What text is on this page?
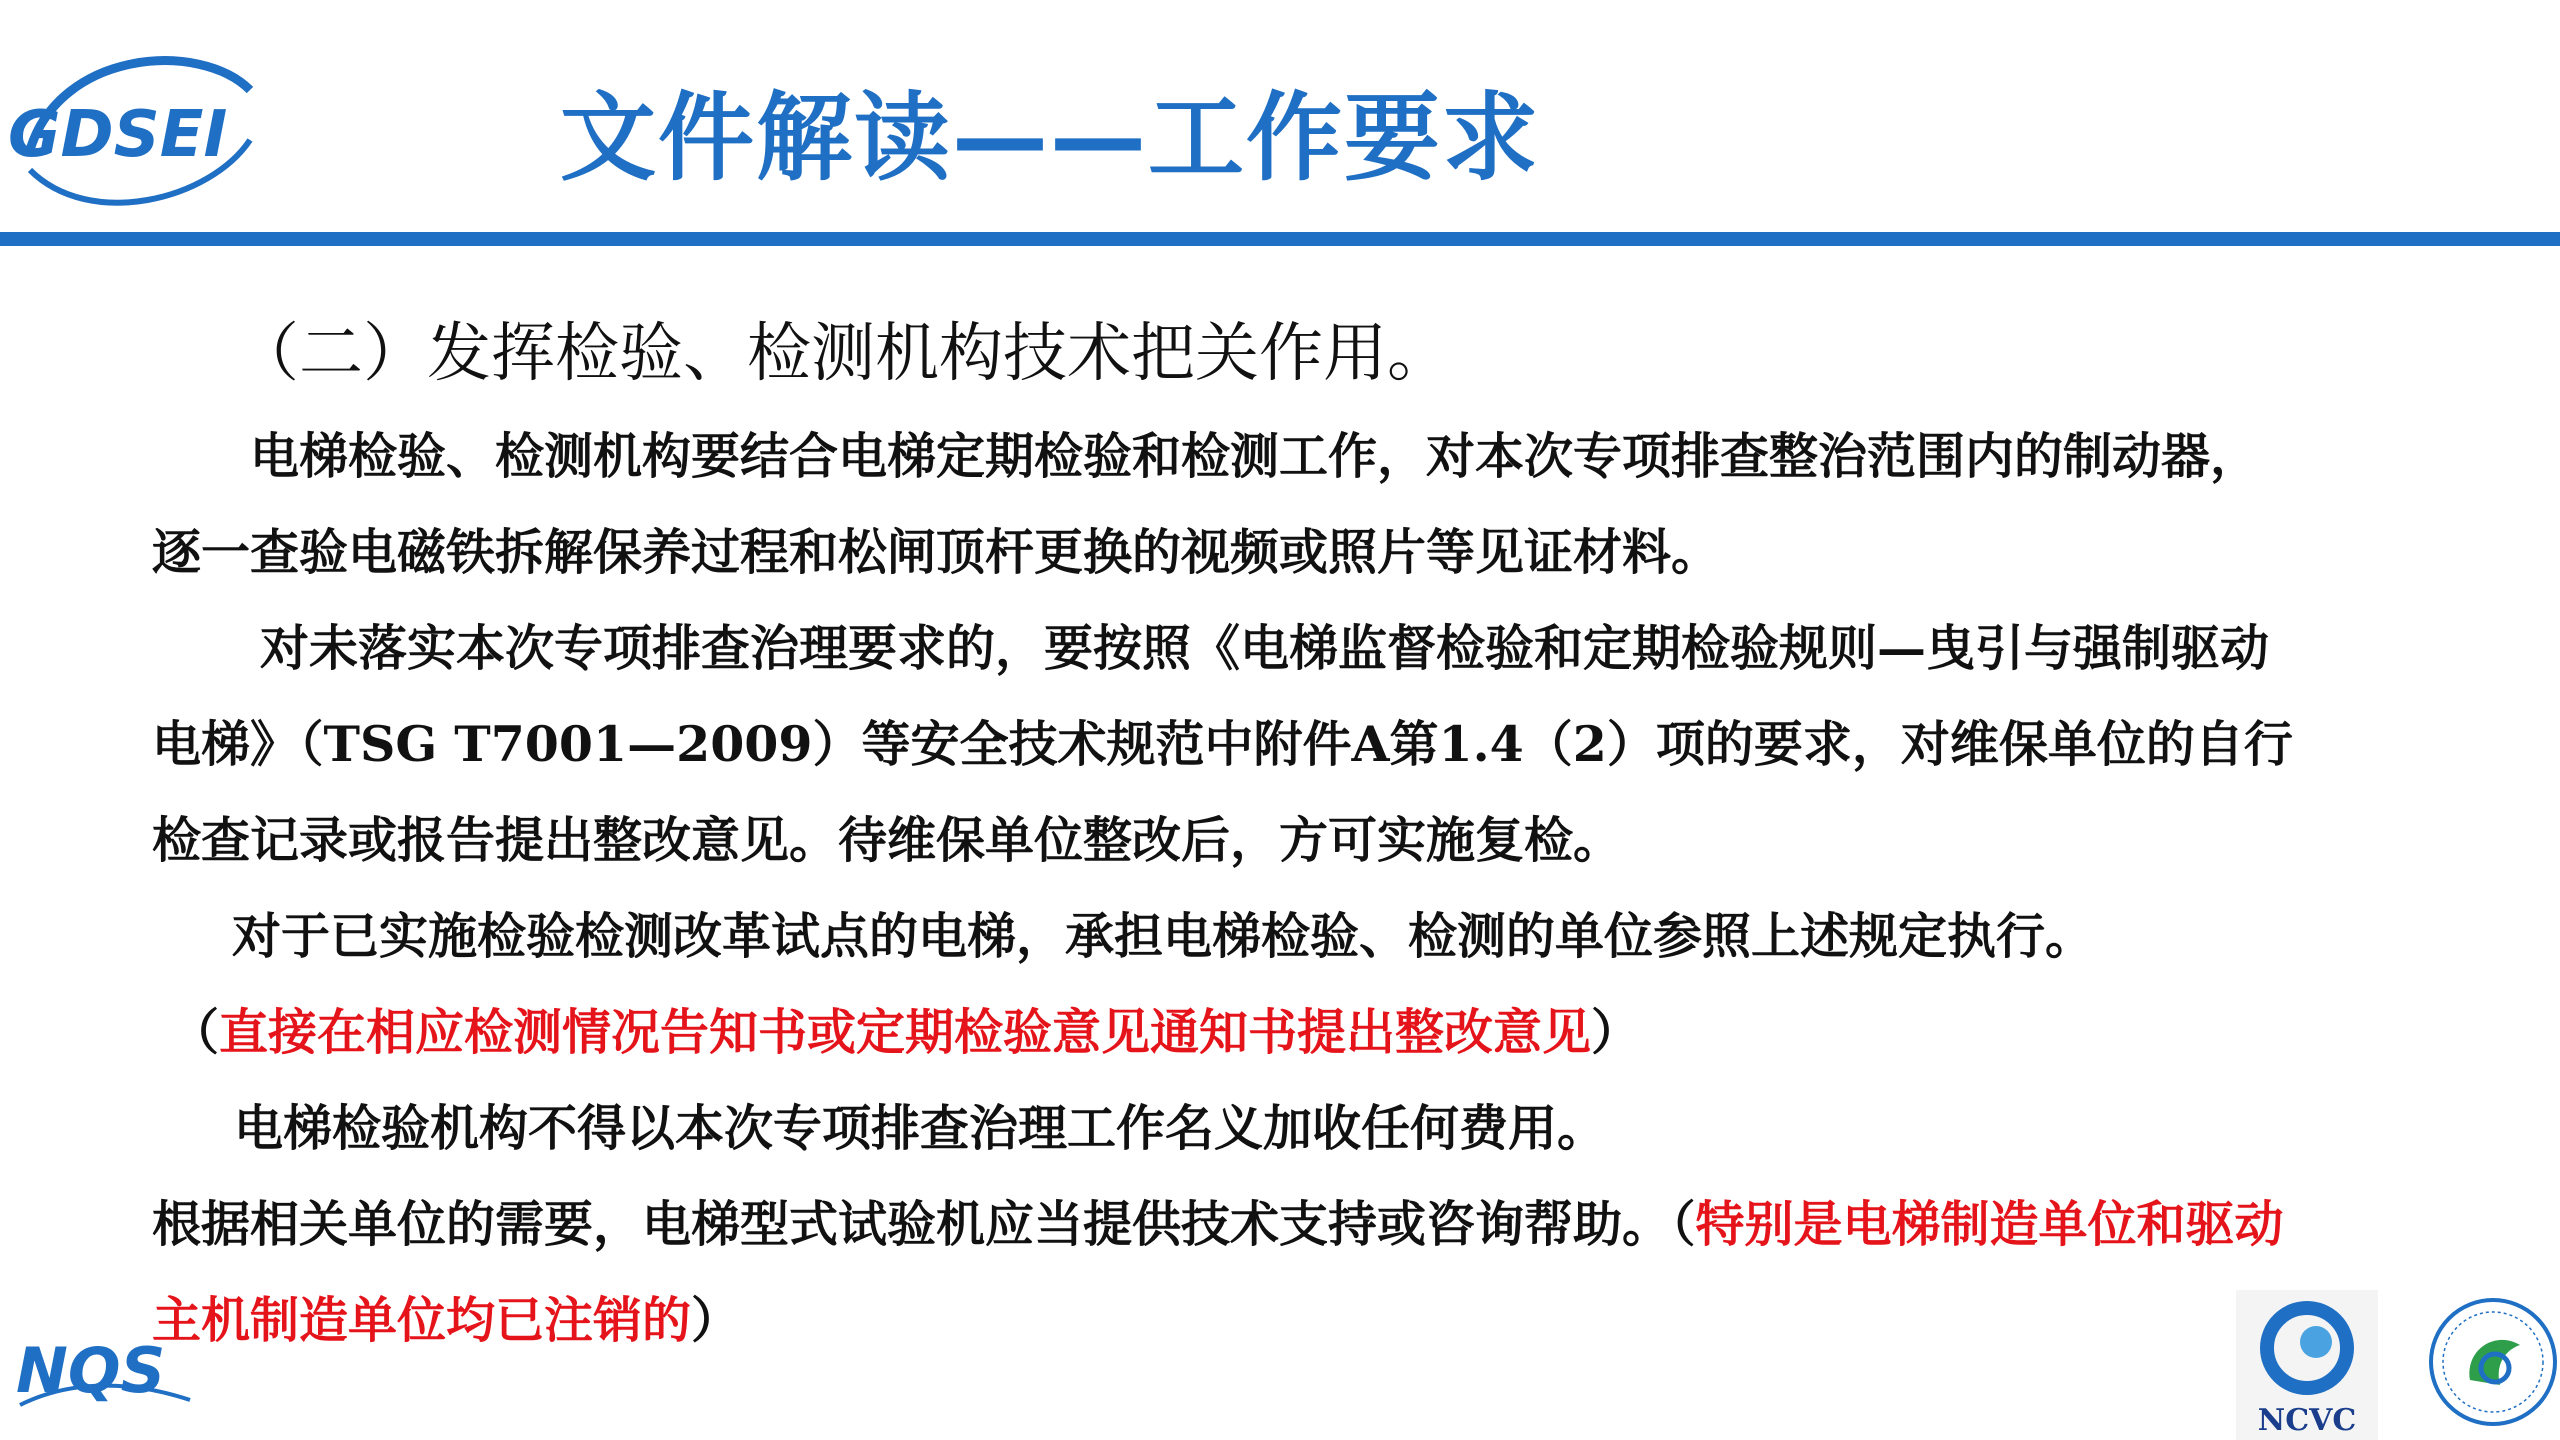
GDSEI	文件解读——工作要求
（二）发挥检验、检测机构技术把关作用。
电梯检验、检测机构要结合电梯定期检验和检测工作，对本次专项排查整治范围内的制动器，逐一查验电磁铁拆解保养过程和松闸顶杆更换的视频或照片等见证材料。
对未落实本次专项排查治理要求的，要按照《电梯监督检验和定期检验规则—曳引与强制驱动电梯》（TSG T7001—2009）等安全技术规范中附件A第1.4（2）项的要求，对维保单位的自行检查记录或报告提出整改意见。待维保单位整改后，方可实施复检。
对于已实施检验检测改革试点的电梯，承担电梯检验、检测的单位参照上述规定执行。
（直接在相应检测情况告知书或定期检验意见通知书提出整改意见）
电梯检验机构不得以本次专项排查治理工作名义加收任何费用。
根据相关单位的需要，电梯型式试验机应当提供技术支持或咨询帮助。（特别是电梯制造单位和驱动主机制造单位均已注销的）
NQS
NCVC
